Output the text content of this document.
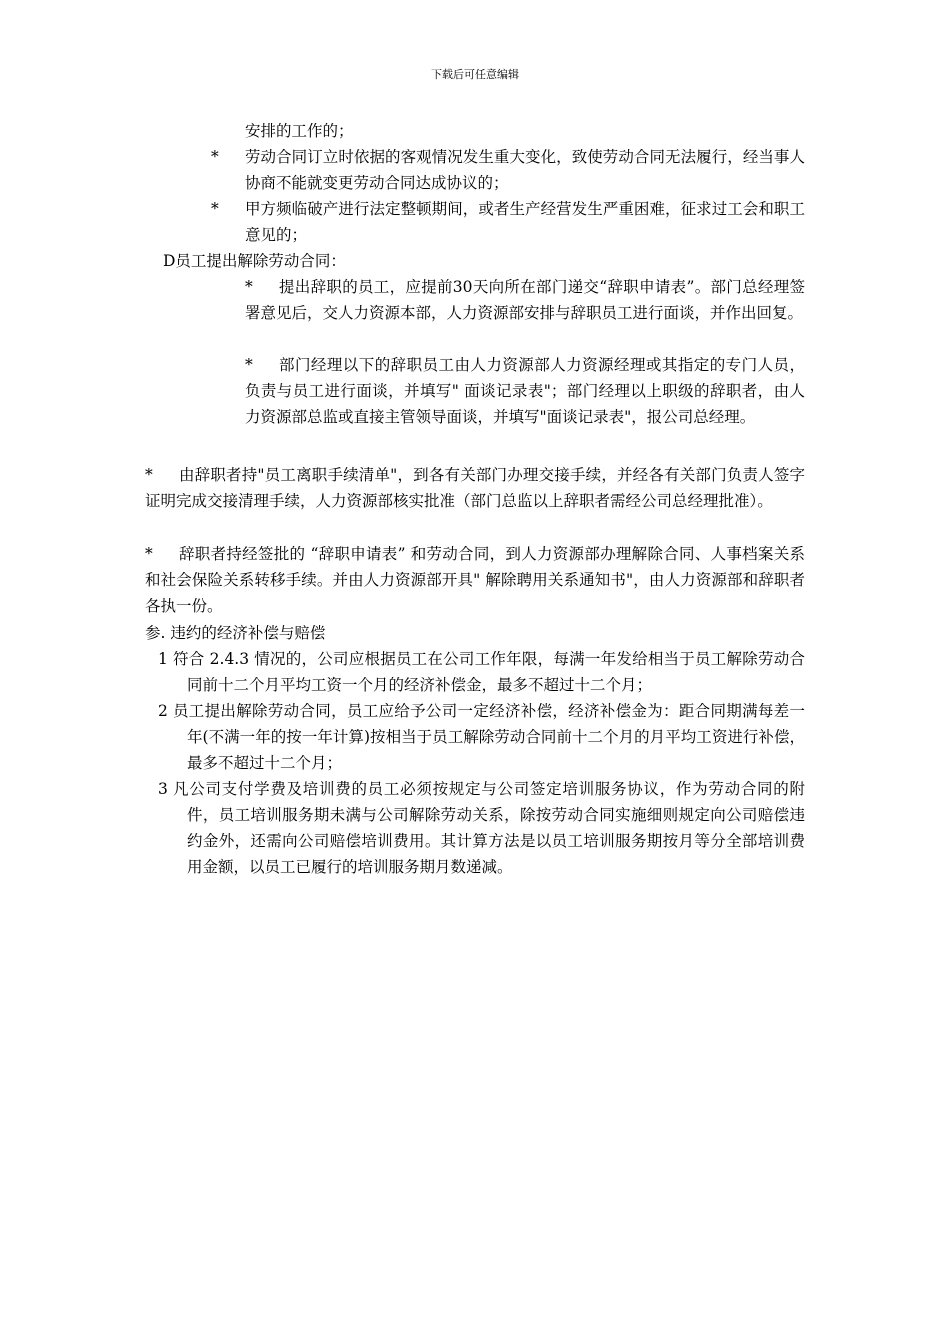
下载后可任意编辑
安排的工作的；
* 劳动合同订立时依据的客观情况发生重大变化，致使劳动合同无法履行，经当事人协商不能就变更劳动合同达成协议的；
* 甲方频临破产进行法定整顿期间，或者生产经营发生严重困难，征求过工会和职工意见的；
D员工提出解除劳动合同：
* 提出辞职的员工，应提前30天向所在部门递交“辞职申请表”。部门总经理签署意见后，交人力资源本部，人力资源部安排与辞职员工进行面谈，并作出回复。
* 部门经理以下的辞职员工由人力资源部人力资源经理或其指定的专门人员，负责与员工进行面谈，并填写" 面谈记录表"；部门经理以上职级的辞职者，由人力资源部总监或直接主管领导面谈，并填写"面谈记录表"，报公司总经理。
* 由辞职者持"员工离职手续清单"，到各有关部门办理交接手续，并经各有关部门负责人签字证明完成交接清理手续，人力资源部核实批准（部门总监以上辞职者需经公司总经理批准）。
* 辞职者持经签批的 “辞职申请表” 和劳动合同，到人力资源部办理解除合同、人事档案关系和社会保险关系转移手续。并由人力资源部开具" 解除聘用关系通知书"，由人力资源部和辞职者各执一份。
参. 违约的经济补偿与赔偿
1 符合 2.4.3 情况的，公司应根据员工在公司工作年限，每满一年发给相当于员工解除劳动合同前十二个月平均工资一个月的经济补偿金，最多不超过十二个月；
2 员工提出解除劳动合同，员工应给予公司一定经济补偿，经济补偿金为：距合同期满每差一年(不满一年的按一年计算)按相当于员工解除劳动合同前十二个月的月平均工资进行补偿，最多不超过十二个月；
3 凡公司支付学费及培训费的员工必须按规定与公司签定培训服务协议，作为劳动合同的附件，员工培训服务期未满与公司解除劳动关系，除按劳动合同实施细则规定向公司赔偿违约金外，还需向公司赔偿培训费用。其计算方法是以员工培训服务期按月等分全部培训费用金额，以员工已履行的培训服务期月数递减。
